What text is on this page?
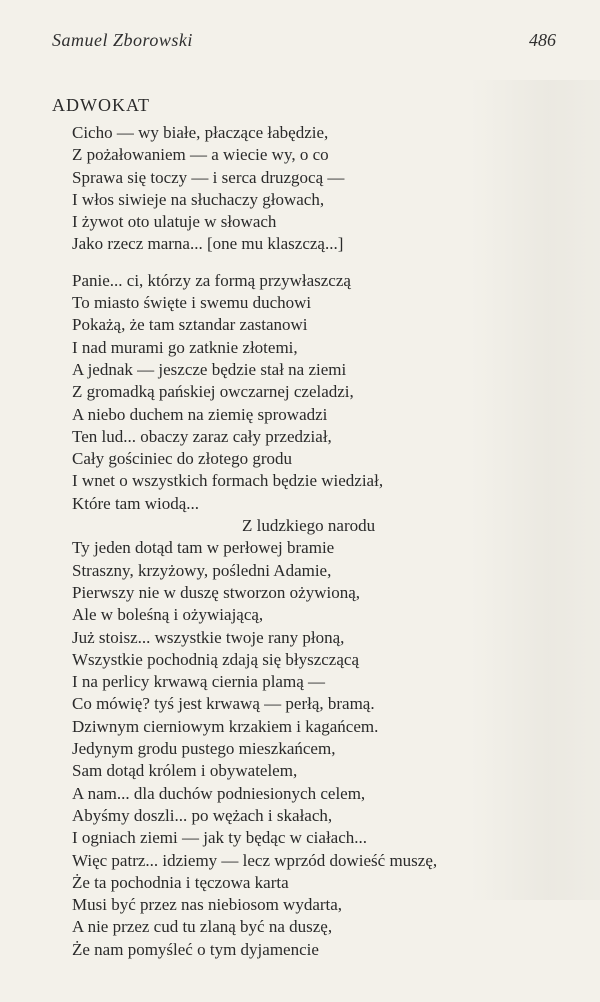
Samuel Zborowski	486
ADWOKAT
Cicho — wy białe, płaczące łabędzie,
Z pożałowaniem — a wiecie wy, o co
Sprawa się toczy — i serca druzgocą —
I włos siwieje na słuchaczy głowach,
I żywot oto ulatuje w słowach
Jako rzecz marna... [one mu klaszczą...]
Panie... ci, którzy za formą przywłaszczą
To miasto święte i swemu duchowi
Pokażą, że tam sztandar zastanowi
I nad murami go zatknie złotemi,
A jednak — jeszcze będzie stał na ziemi
Z gromadką pańskiej owczarnej czeladzi,
A niebo duchem na ziemię sprowadzi
Ten lud... obaczy zaraz cały przedział,
Cały gościniec do złotego grodu
I wnet o wszystkich formach będzie wiedział,
Które tam wiodą...
Z ludzkiego narodu
Ty jeden dotąd tam w perłowej bramie
Straszny, krzyżowy, pośledni Adamie,
Pierwszy nie w duszę stworzon ożywioną,
Ale w boleśną i ożywiającą,
Już stoisz... wszystkie twoje rany płoną,
Wszystkie pochodnią zdają się błyszczącą
I na perlicy krwawą ciernia plamą —
Co mówię? tyś jest krwawą — perłą, bramą.
Dziwnym cierniowym krzakiem i kagańcem.
Jedynym grodu pustego mieszkańcem,
Sam dotąd królem i obywatelem,
A nam... dla duchów podniesionych celem,
Abyśmy doszli... po wężach i skałach,
I ogniach ziemi — jak ty będąc w ciałach...
Więc patrz... idziemy — lecz wprzód dowieść muszę,
Że ta pochodnia i tęczowa karta
Musi być przez nas niebiosom wydarta,
A nie przez cud tu zlaną być na duszę,
Że nam pomyśleć o tym dyjamencie
